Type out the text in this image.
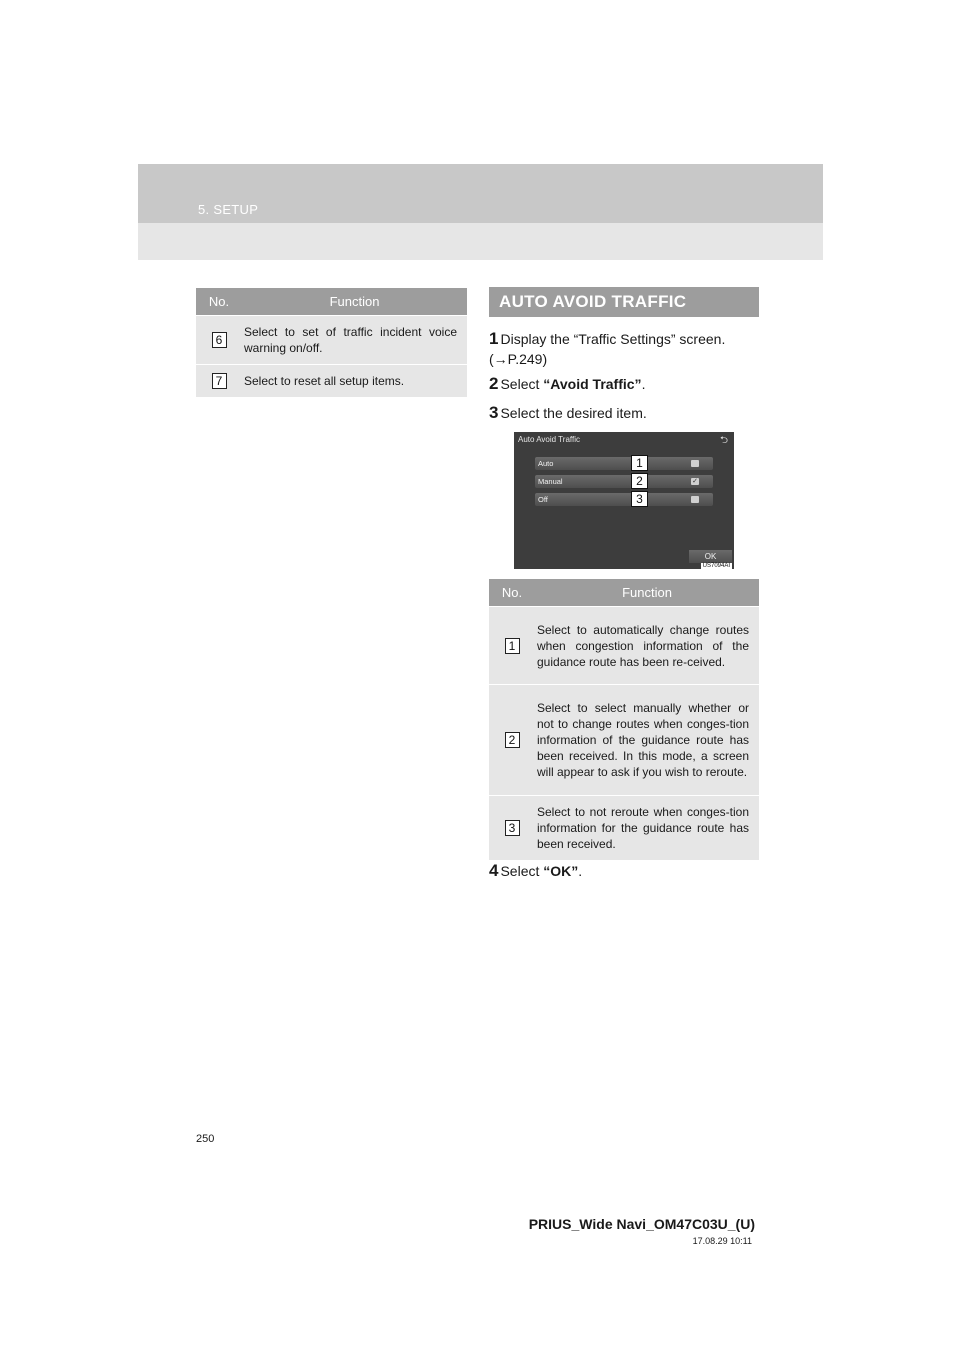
5. SETUP
No.	Function
6	Select to set of traffic incident voice warning on/off.
7	Select to reset all setup items.
AUTO AVOID TRAFFIC
1 Display the “Traffic Settings” screen. (→P.249)
2 Select “Avoid Traffic”.
3 Select the desired item.
Auto Avoid Traffic	⮌
Auto
Manual	✓
Off
1
2
3
OK
US7094AI
No.	Function
1	Select to automatically change routes when congestion information of the guidance route has been re-ceived.
2	Select to select manually whether or not to change routes when conges-tion information of the guidance route has been received. In this mode, a screen will appear to ask if you wish to reroute.
3	Select to not reroute when conges-tion information for the guidance route has been received.
4 Select “OK”.
250
PRIUS_Wide Navi_OM47C03U_(U)
17.08.29 10:11
